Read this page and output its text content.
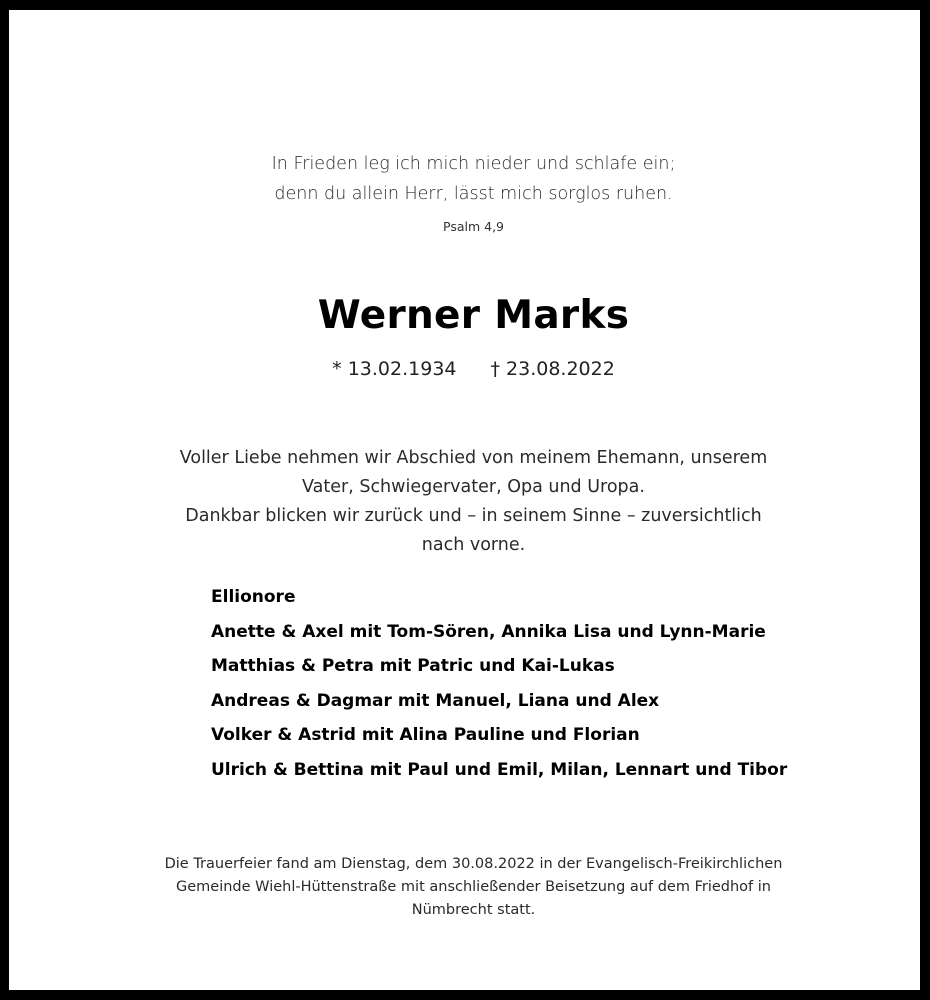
In Frieden leg ich mich nieder und schlafe ein;
denn du allein Herr, lässt mich sorglos ruhen.

Psalm 4,9

Werner Marks

* 13.02.1934 † 23.08.2022

Voller Liebe nehmen wir Abschied von meinem Ehemann, unserem
Vater, Schwiegervater, Opa und Uropa.
Dankbar blicken wir zurück und – in seinem Sinne – zuversichtlich
nach vorne.

Ellionore
Anette & Axel mit Tom-Sören, Annika Lisa und Lynn-Marie
Matthias & Petra mit Patric und Kai-Lukas
Andreas & Dagmar mit Manuel, Liana und Alex
Volker & Astrid mit Alina Pauline und Florian
Ulrich & Bettina mit Paul und Emil, Milan, Lennart und Tibor

Die Trauerfeier fand am Dienstag, dem 30.08.2022 in der Evangelisch-Freikirchlichen
Gemeinde Wiehl-Hüttenstraße mit anschließender Beisetzung auf dem Friedhof in
Nümbrecht statt.
